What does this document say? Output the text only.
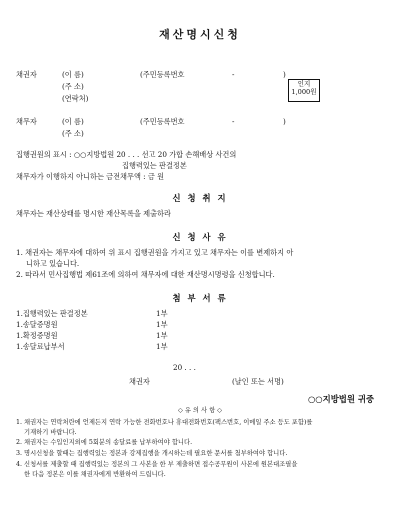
재산명시신청
채권자	(이 름)	(주민등록번호	-	)
(주 소)
(연락처)
인지
1,000원
채무자	(이 름)	(주민등록번호	-	)
(주 소)
집행권원의 표시 : ○○지방법원 20 . . . 선고 20 가합 손해배상 사건의
집행력있는 판결정본
채무자가 이행하지 아니하는 금전채무액 : 금 원
신 청 취 지
채무자는 재산상태를 명시한 재산목록을 제출하라
신 청 사 유
1. 채권자는 채무자에 대하여 위 표시 집행권원을 가지고 있고 채무자는 이를 변제하지 아
니하고 있습니다.
2. 따라서 민사집행법 제61조에 의하여 채무자에 대한 재산명시명령을 신청합니다.
첨 부 서 류
1.집행력있는 판결정본	1부
1.송달증명원	1부
1.확정증명원	1부
1.송달료납부서	1부
20 . . .
채권자	(날인 또는 서명)
○○지방법원 귀중
◇ 유 의 사 항 ◇
1. 채권자는 연락처란에 언제든지 연락 가능한 전화번호나 휴대전화번호(팩스번호, 이메일 주소 등도 포함)를
기재하기 바랍니다.
2. 채권자는 수입인지외에 5회분의 송달료를 납부하여야 합니다.
3. 명시신청을 할때는 집행력있는 정본과 강제집행을 개시하는데 필요한 문서를 첨부하여야 합니다.
4. 신청서를 제출할 때 집행력있는 정본의 그 사본을 한 부 제출하면 접수공무원이 사본에 원본대조필을
한 다음 정본은 이를 채권자에게 반환하여 드립니다.
